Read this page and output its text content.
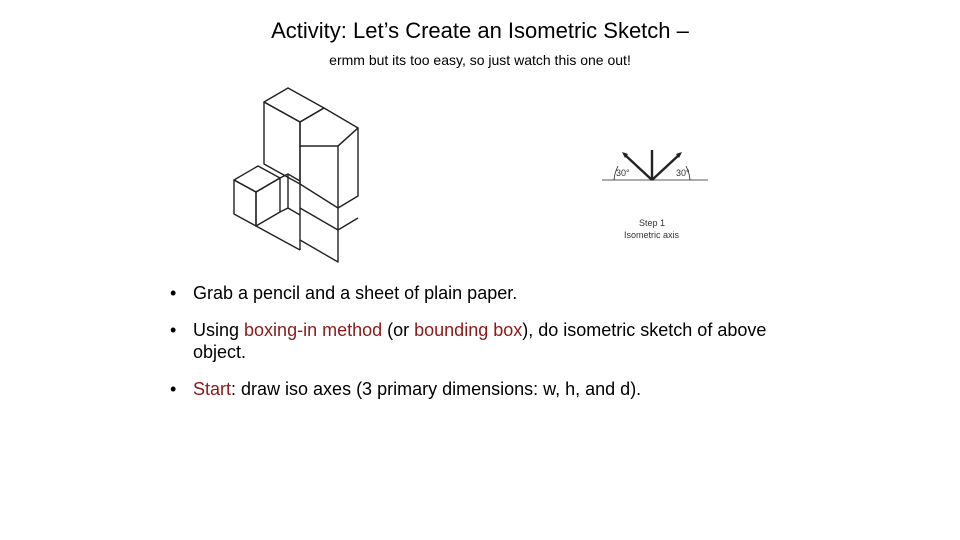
Activity: Let’s Create an Isometric Sketch –
ermm but its too easy, so just watch this one out!
30°	30°
Step 1
Isometric axis
• Grab a pencil and a sheet of plain paper.
• Using boxing-in method (or bounding box), do isometric sketch of above object.
• Start: draw iso axes (3 primary dimensions: w, h, and d).
